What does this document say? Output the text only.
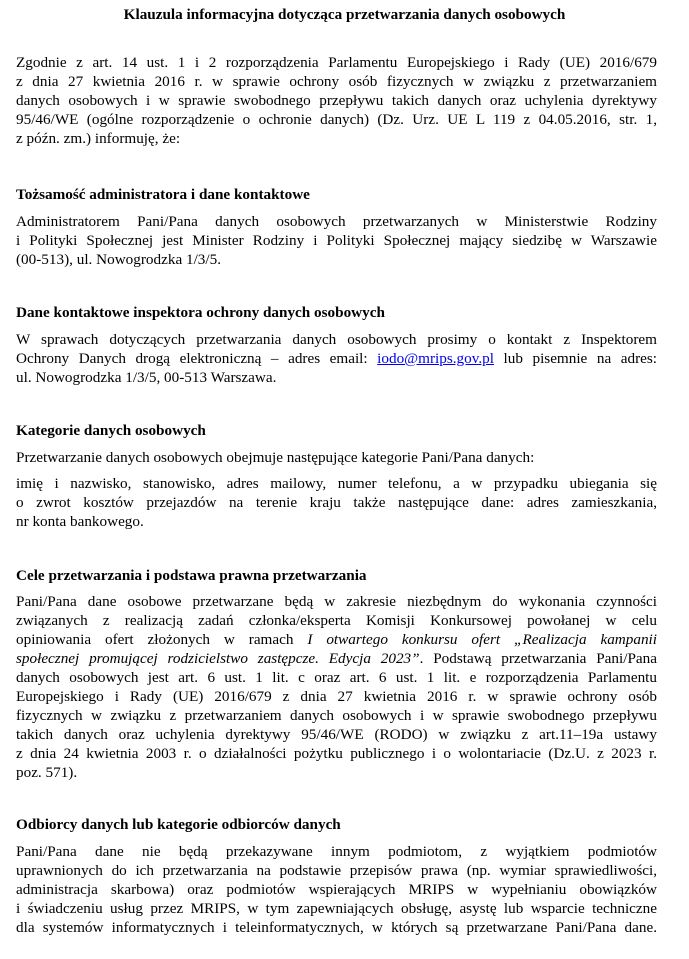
Klauzula informacyjna dotycząca przetwarzania danych osobowych
Zgodnie z art. 14 ust. 1 i 2 rozporządzenia Parlamentu Europejskiego i Rady (UE) 2016/679
z dnia 27 kwietnia 2016 r. w sprawie ochrony osób fizycznych w związku z przetwarzaniem
danych osobowych i w sprawie swobodnego przepływu takich danych oraz uchylenia dyrektywy
95/46/WE (ogólne rozporządzenie o ochronie danych) (Dz. Urz. UE L 119 z 04.05.2016, str. 1,
z późn. zm.) informuję, że:
Tożsamość administratora i dane kontaktowe
Administratorem Pani/Pana danych osobowych przetwarzanych w Ministerstwie Rodziny
i Polityki Społecznej jest Minister Rodziny i Polityki Społecznej mający siedzibę w Warszawie
(00-513), ul. Nowogrodzka 1/3/5.
Dane kontaktowe inspektora ochrony danych osobowych
W sprawach dotyczących przetwarzania danych osobowych prosimy o kontakt z Inspektorem
Ochrony Danych drogą elektroniczną – adres email: iodo@mrips.gov.pl lub pisemnie na adres:
ul. Nowogrodzka 1/3/5, 00-513 Warszawa.
Kategorie danych osobowych
Przetwarzanie danych osobowych obejmuje następujące kategorie Pani/Pana danych:
imię i nazwisko, stanowisko, adres mailowy, numer telefonu, a w przypadku ubiegania się
o zwrot kosztów przejazdów na terenie kraju także następujące dane: adres zamieszkania,
nr konta bankowego.
Cele przetwarzania i podstawa prawna przetwarzania
Pani/Pana dane osobowe przetwarzane będą w zakresie niezbędnym do wykonania czynności
związanych z realizacją zadań członka/eksperta Komisji Konkursowej powołanej w celu
opiniowania ofert złożonych w ramach I otwartego konkursu ofert „Realizacja kampanii
społecznej promującej rodzicielstwo zastępcze. Edycja 2023”. Podstawą przetwarzania Pani/Pana
danych osobowych jest art. 6 ust. 1 lit. c oraz art. 6 ust. 1 lit. e rozporządzenia Parlamentu
Europejskiego i Rady (UE) 2016/679 z dnia 27 kwietnia 2016 r. w sprawie ochrony osób
fizycznych w związku z przetwarzaniem danych osobowych i w sprawie swobodnego przepływu
takich danych oraz uchylenia dyrektywy 95/46/WE (RODO) w związku z art.11–19a ustawy
z dnia 24 kwietnia 2003 r. o działalności pożytku publicznego i o wolontariacie (Dz.U. z 2023 r.
poz. 571).
Odbiorcy danych lub kategorie odbiorców danych
Pani/Pana dane nie będą przekazywane innym podmiotom, z wyjątkiem podmiotów
uprawnionych do ich przetwarzania na podstawie przepisów prawa (np. wymiar sprawiedliwości,
administracja skarbowa) oraz podmiotów wspierających MRIPS w wypełnianiu obowiązków
i świadczeniu usług przez MRIPS, w tym zapewniających obsługę, asystę lub wsparcie techniczne
dla systemów informatycznych i teleinformatycznych, w których są przetwarzane Pani/Pana dane.
